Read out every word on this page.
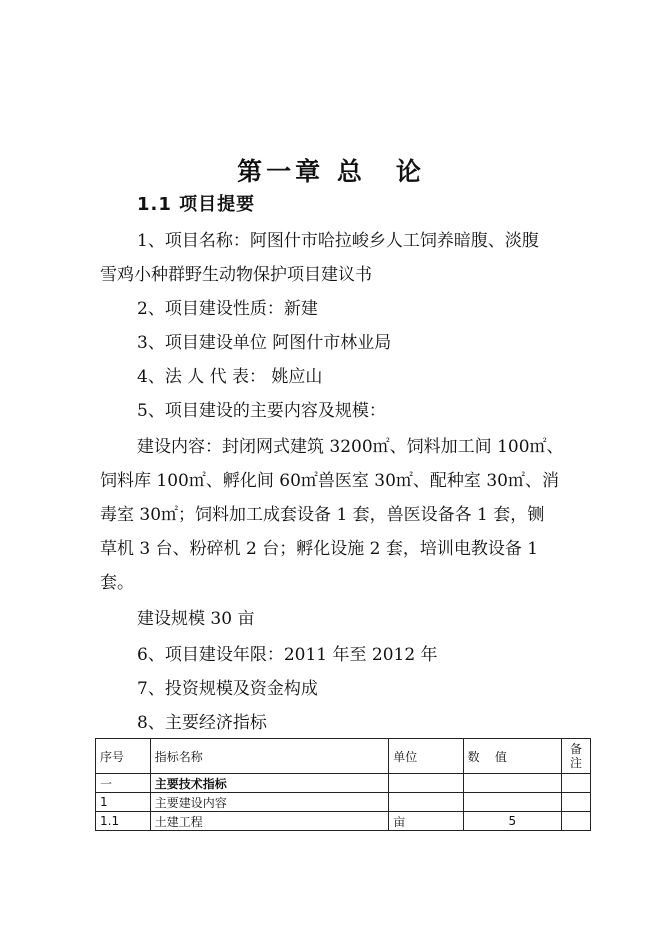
第一章 总 论
1.1 项目提要

1、项目名称：阿图什市哈拉峻乡人工饲养暗腹、淡腹

雪鸡小种群野生动物保护项目建议书

2、项目建设性质：新建

3、项目建设单位 阿图什市林业局

4、法 人 代 表： 姚应山

5、项目建设的主要内容及规模：

建设内容：封闭网式建筑 3200㎡、饲料加工间 100㎡、

饲料库 100㎡、孵化间 60㎡兽医室 30㎡、配种室 30㎡、消

毒室 30㎡；饲料加工成套设备 1 套，兽医设备各 1 套，铡

草机 3 台、粉碎机 2 台；孵化设施 2 套，培训电教设备 1

套。

建设规模 30 亩

6、项目建设年限：2011 年至 2012 年

7、投资规模及资金构成

8、主要经济指标

序号	指标名称	单位	数    值	备注
一	主要技术指标			
1	主要建设内容			
1.1	土建工程	亩	5	
